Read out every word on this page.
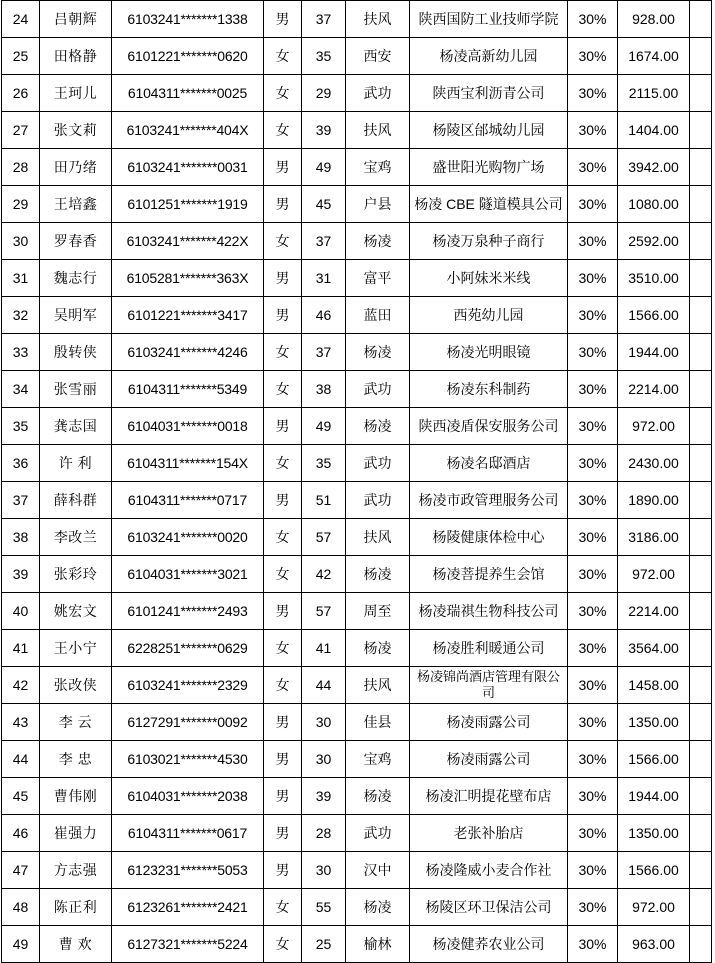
24	吕朝辉	6103241*******1338	男	37	扶风	陕西国防工业技师学院	30%	928.00	
25	田格静	6101221*******0620	女	35	西安	杨凌高新幼儿园	30%	1674.00	
26	王珂儿	6104311*******0025	女	29	武功	陕西宝利沥青公司	30%	2115.00	
27	张文莉	6103241*******404X	女	39	扶风	杨陵区邰城幼儿园	30%	1404.00	
28	田乃绪	6103241*******0031	男	49	宝鸡	盛世阳光购物广场	30%	3942.00	
29	王培鑫	6101251*******1919	男	45	户县	杨凌 CBE 隧道模具公司	30%	1080.00	
30	罗春香	6103241*******422X	女	37	杨凌	杨凌万泉种子商行	30%	2592.00	
31	魏志行	6105281*******363X	男	31	富平	小阿妹米米线	30%	3510.00	
32	吴明军	6101221*******3417	男	46	蓝田	西苑幼儿园	30%	1566.00	
33	殷转侠	6103241*******4246	女	37	杨凌	杨凌光明眼镜	30%	1944.00	
34	张雪丽	6104311*******5349	女	38	武功	杨凌东科制药	30%	2214.00	
35	龚志国	6104031*******0018	男	49	杨凌	陕西凌盾保安服务公司	30%	972.00	
36	许 利	6104311*******154X	女	35	武功	杨凌名邸酒店	30%	2430.00	
37	薛科群	6104311*******0717	男	51	武功	杨凌市政管理服务公司	30%	1890.00	
38	李改兰	6103241*******0020	女	57	扶风	杨陵健康体检中心	30%	3186.00	
39	张彩玲	6104031*******3021	女	42	杨凌	杨凌菩提养生会馆	30%	972.00	
40	姚宏文	6101241*******2493	男	57	周至	杨凌瑞祺生物科技公司	30%	2214.00	
41	王小宁	6228251*******0629	女	41	杨凌	杨凌胜利暖通公司	30%	3564.00	
42	张改侠	6103241*******2329	女	44	扶风	杨凌锦尚酒店管理有限公司	30%	1458.00	
43	李 云	6127291*******0092	男	30	佳县	杨凌雨露公司	30%	1350.00	
44	李 忠	6103021*******4530	男	30	宝鸡	杨凌雨露公司	30%	1566.00	
45	曹伟刚	6104031*******2038	男	39	杨凌	杨凌汇明提花壁布店	30%	1944.00	
46	崔强力	6104311*******0617	男	28	武功	老张补胎店	30%	1350.00	
47	方志强	6123231*******5053	男	30	汉中	杨凌隆威小麦合作社	30%	1566.00	
48	陈正利	6123261*******2421	女	55	杨凌	杨陵区环卫保洁公司	30%	972.00	
49	曹 欢	6127321*******5224	女	25	榆林	杨凌健荞农业公司	30%	963.00	
